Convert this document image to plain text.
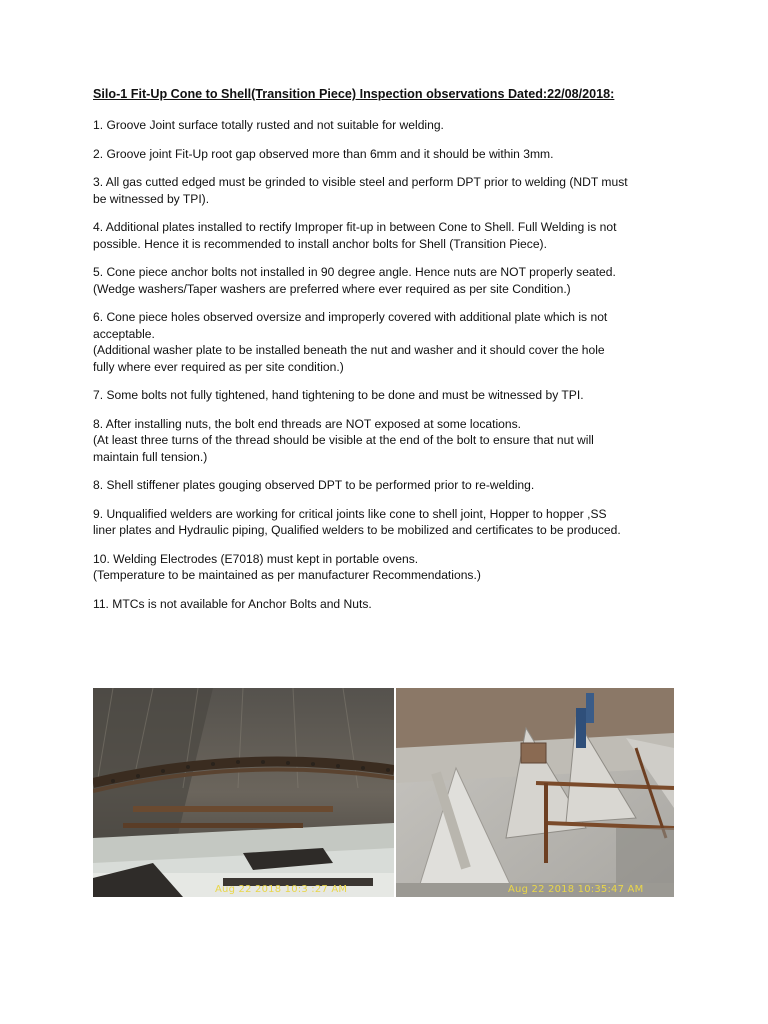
Silo-1 Fit-Up Cone to Shell(Transition Piece) Inspection observations Dated:22/08/2018:
1. Groove Joint surface totally rusted and not suitable for welding.
2. Groove joint Fit-Up root gap observed more than 6mm and it should be within 3mm.
3. All gas cutted edged must be grinded to visible steel and perform DPT prior to welding (NDT must
be witnessed by TPI).
4. Additional plates installed to rectify Improper fit-up in between Cone to Shell. Full Welding is not
possible. Hence it is recommended to install anchor bolts for Shell (Transition Piece).
5. Cone piece anchor bolts not installed in 90 degree angle. Hence nuts are NOT properly seated.
(Wedge washers/Taper washers are preferred where ever required as per site Condition.)
6. Cone piece holes observed oversize and improperly covered with additional plate which is not
acceptable.
(Additional washer plate to be installed beneath the nut and washer and it should cover the hole
fully where ever required as per site condition.)
7. Some bolts not fully tightened, hand tightening to be done and must be witnessed by TPI.
8. After installing nuts, the bolt end threads are NOT exposed at some locations.
(At least three turns of the thread should be visible at the end of the bolt to ensure that nut will
maintain full tension.)
8. Shell stiffener plates gouging observed DPT to be performed prior to re-welding.
9. Unqualified welders are working for critical joints like cone to shell joint, Hopper to hopper ,SS
liner plates and Hydraulic piping, Qualified welders to be mobilized and certificates to be produced.
10. Welding Electrodes (E7018) must kept in portable ovens.
(Temperature to be maintained as per manufacturer Recommendations.)
11. MTCs is not available for Anchor Bolts and Nuts.
Aug 22 2018 10:3 :27 AM	Aug 22 2018 10:35:47 AM
